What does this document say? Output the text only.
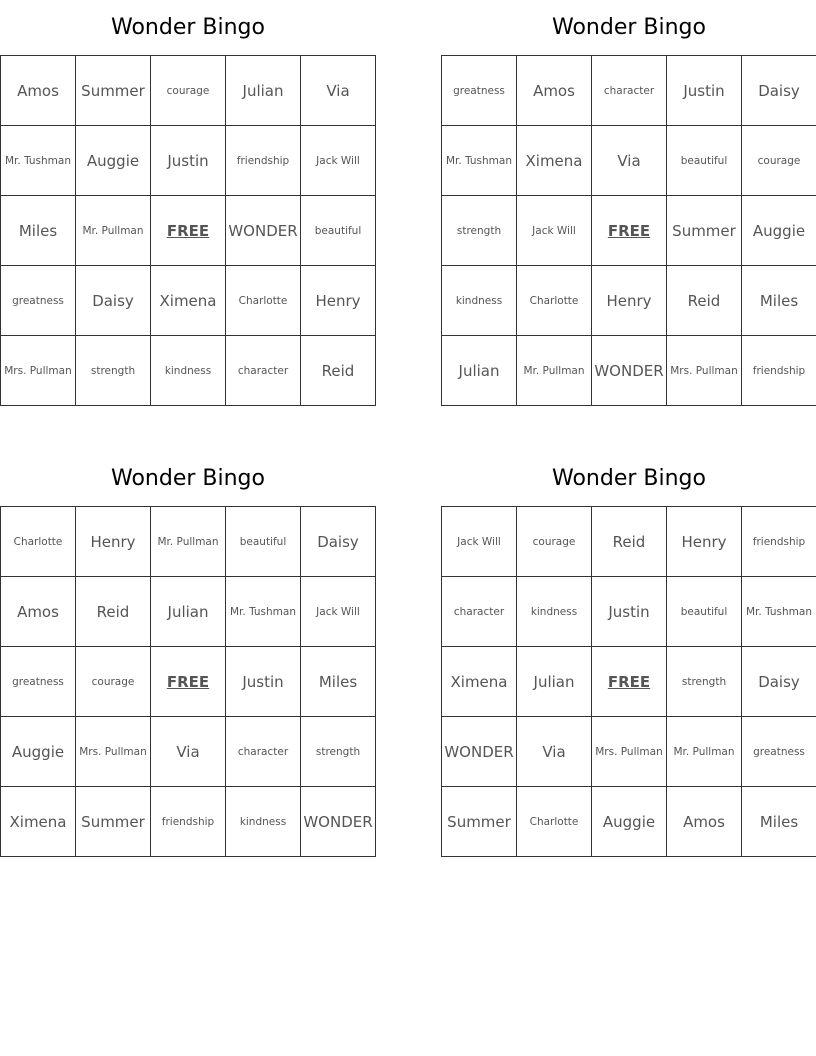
Wonder Bingo
Amos	Summer	courage	Julian	Via
Mr. Tushman	Auggie	Justin	friendship	Jack Will
Miles	Mr. Pullman	FREE	WONDER	beautiful
greatness	Daisy	Ximena	Charlotte	Henry
Mrs. Pullman	strength	kindness	character	Reid
Wonder Bingo
greatness	Amos	character	Justin	Daisy
Mr. Tushman	Ximena	Via	beautiful	courage
strength	Jack Will	FREE	Summer	Auggie
kindness	Charlotte	Henry	Reid	Miles
Julian	Mr. Pullman	WONDER	Mrs. Pullman	friendship
Wonder Bingo
Charlotte	Henry	Mr. Pullman	beautiful	Daisy
Amos	Reid	Julian	Mr. Tushman	Jack Will
greatness	courage	FREE	Justin	Miles
Auggie	Mrs. Pullman	Via	character	strength
Ximena	Summer	friendship	kindness	WONDER
Wonder Bingo
Jack Will	courage	Reid	Henry	friendship
character	kindness	Justin	beautiful	Mr. Tushman
Ximena	Julian	FREE	strength	Daisy
WONDER	Via	Mrs. Pullman	Mr. Pullman	greatness
Summer	Charlotte	Auggie	Amos	Miles
